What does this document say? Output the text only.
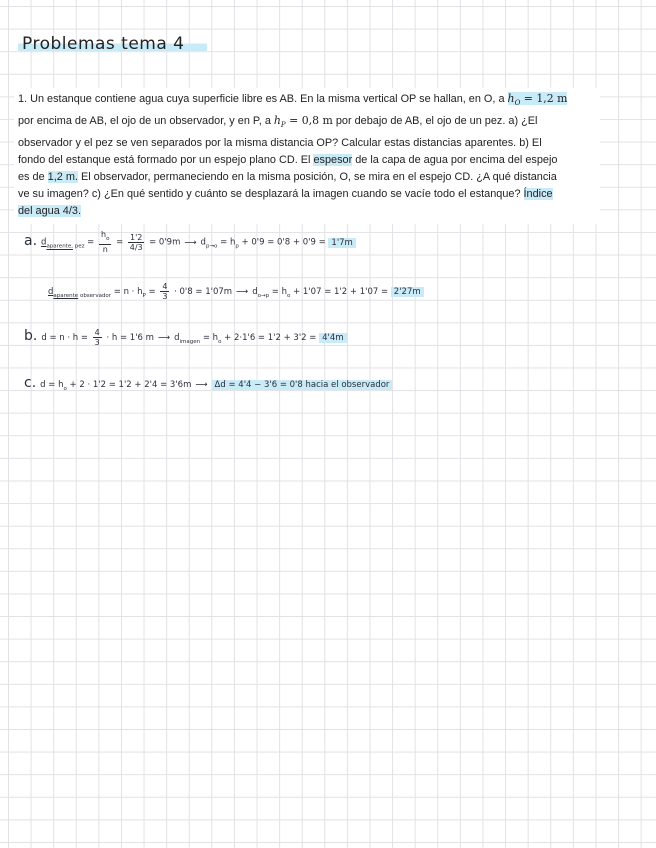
Problemas tema 4
1. Un estanque contiene agua cuya superficie libre es AB. En la misma vertical OP se hallan, en O, a $h_O = 1,2$ m
por encima de AB, el ojo de un observador, y en P, a $h_P = 0,8$ m por debajo de AB, el ojo de un pez. a) ¿El
observador y el pez se ven separados por la misma distancia OP? Calcular estas distancias aparentes. b) El
fondo del estanque está formado por un espejo plano CD. El espesor de la capa de agua por encima del espejo
es de 1,2 m. El observador, permaneciendo en la misma posición, O, se mira en el espejo CD. ¿A qué distancia
ve su imagen? c) ¿En qué sentido y cuánto se desplazará la imagen cuando se vacíe todo el estanque? Índice
del agua 4/3.
a. $d_{aparente, pez} = \frac{h_o}{n} = \frac{1'2}{4/3} = 0'9m$ ⟶ $d_{p\to o} = h_p + 0'9 = 0'8 + 0'9 = 1'7m$
$d_{aparente observador} = n \cdot h_P = \frac{4}{3} \cdot 0'8 = 1'07m$ ⟶ $d_{o\to p} = h_o + 1'07 = 1'2 + 1'07 = 2'27m$
b. $d = n \cdot h = \frac{4}{3} \cdot h = 1'6$ m ⟶ $d_{imagen} = h_o + 2\cdot 1'6 = 1'2 + 3'2 = 4'4m$
c. $d = h_o + 2 \cdot 1'2 = 1'2 + 2'4 = 3'6m$ ⟶ Δd = 4'4 − 3'6 = 0'8 hacia el observador
